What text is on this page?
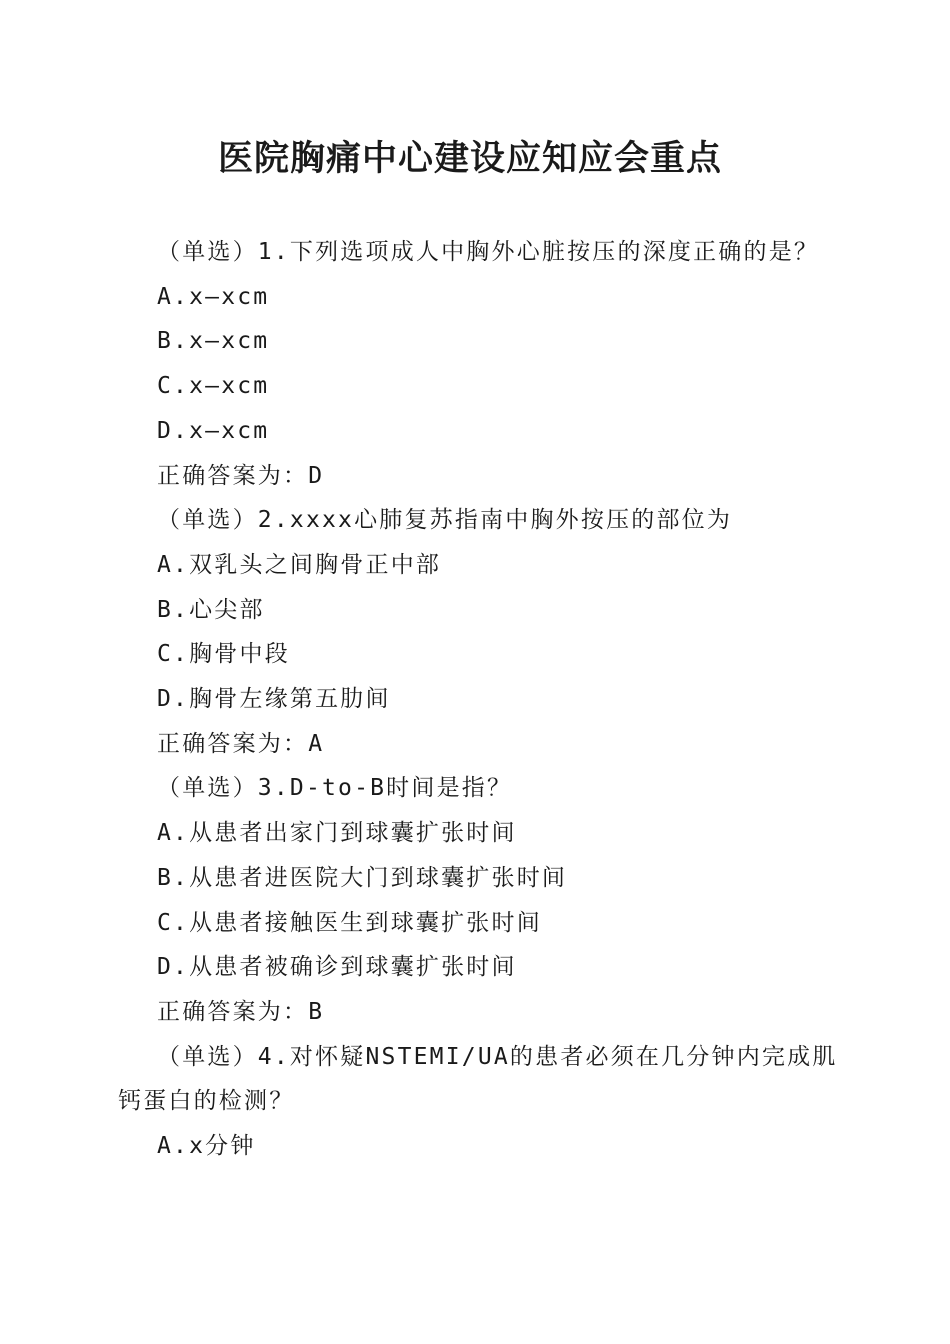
医院胸痛中心建设应知应会重点
（单选）1.下列选项成人中胸外心脏按压的深度正确的是？
A.x—xcm
B.x—xcm
C.x—xcm
D.x—xcm
正确答案为：D
（单选）2.xxxx心肺复苏指南中胸外按压的部位为
A.双乳头之间胸骨正中部
B.心尖部
C.胸骨中段
D.胸骨左缘第五肋间
正确答案为：A
（单选）3.D-to-B时间是指？
A.从患者出家门到球囊扩张时间
B.从患者进医院大门到球囊扩张时间
C.从患者接触医生到球囊扩张时间
D.从患者被确诊到球囊扩张时间
正确答案为：B
（单选）4.对怀疑NSTEMI/UA的患者必须在几分钟内完成肌
钙蛋白的检测？
A.x分钟
